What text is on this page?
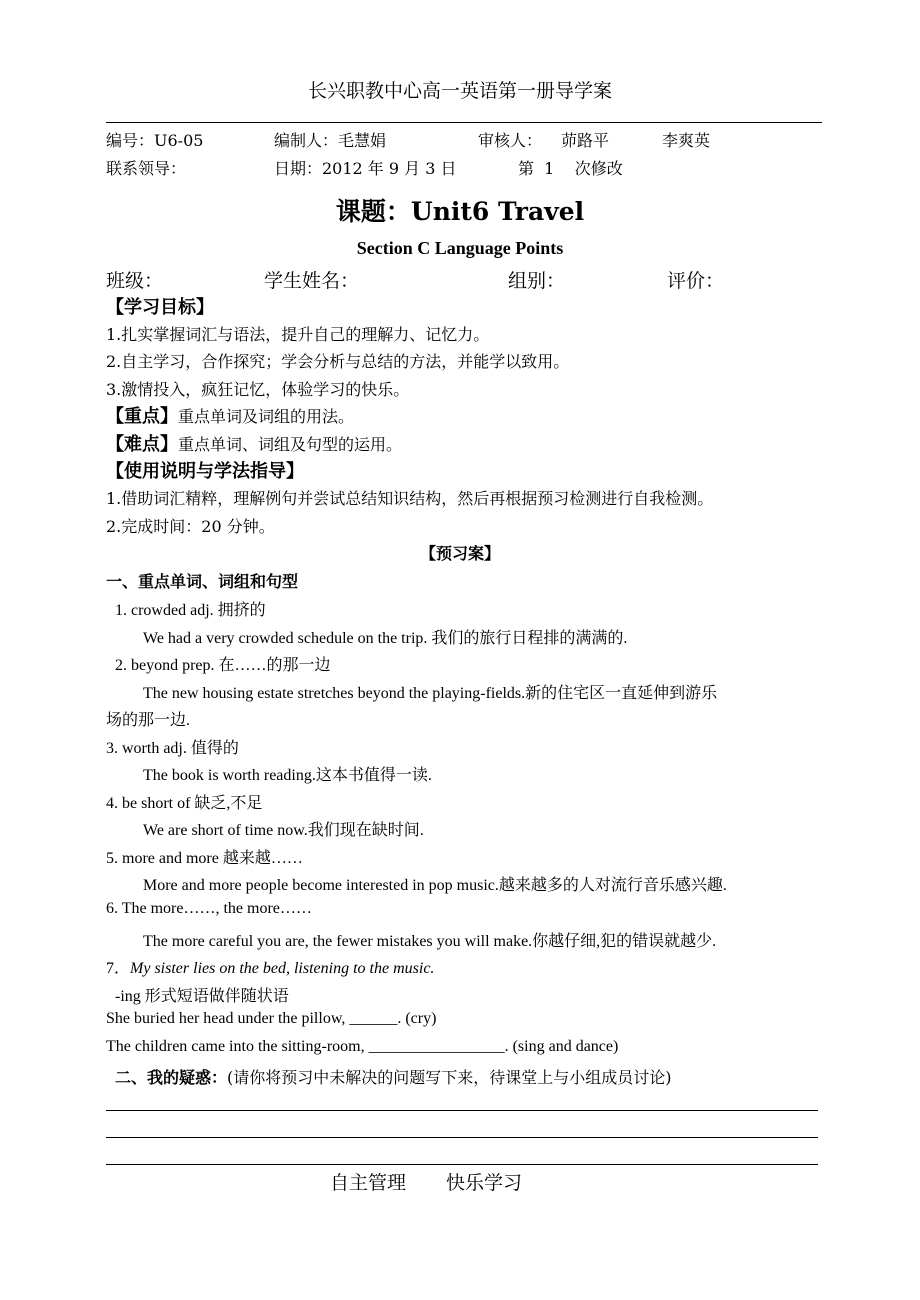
长兴职教中心高一英语第一册导学案
编号：U6-05	编制人：毛慧娟	审核人： 茆路平	李爽英
联系领导：	日期：2012 年 9 月 3 日	第  1    次修改
课题：Unit6 Travel
Section C Language Points
班级：	学生姓名：	组别：	评价：
【学习目标】
1.扎实掌握词汇与语法，提升自己的理解力、记忆力。
2.自主学习，合作探究；学会分析与总结的方法，并能学以致用。
3.激情投入，疯狂记忆，体验学习的快乐。
【重点】重点单词及词组的用法。
【难点】重点单词、词组及句型的运用。
【使用说明与学法指导】
1.借助词汇精粹，理解例句并尝试总结知识结构，然后再根据预习检测进行自我检测。
2.完成时间：20 分钟。
【预习案】
一、重点单词、词组和句型
1. crowded adj. 拥挤的
We had a very crowded schedule on the trip. 我们的旅行日程排的满满的.
2. beyond prep. 在……的那一边
The new housing estate stretches beyond the playing-fields.新的住宅区一直延伸到游乐
场的那一边.
3. worth adj. 值得的
The book is worth reading.这本书值得一读.
4. be short of 缺乏,不足
We are short of time now.我们现在缺时间.
5. more and more 越来越……
More and more people become interested in pop music.越来越多的人对流行音乐感兴趣.
6. The more……, the more……
The more careful you are, the fewer mistakes you will make.你越仔细,犯的错误就越少.
7．My sister lies on the bed, listening to the music.
-ing 形式短语做伴随状语
She buried her head under the pillow, ______. (cry)
The children came into the sitting-room, _________________. (sing and dance)
二、我的疑惑：(请你将预习中未解决的问题写下来，待课堂上与小组成员讨论)
自主管理 快乐学习
